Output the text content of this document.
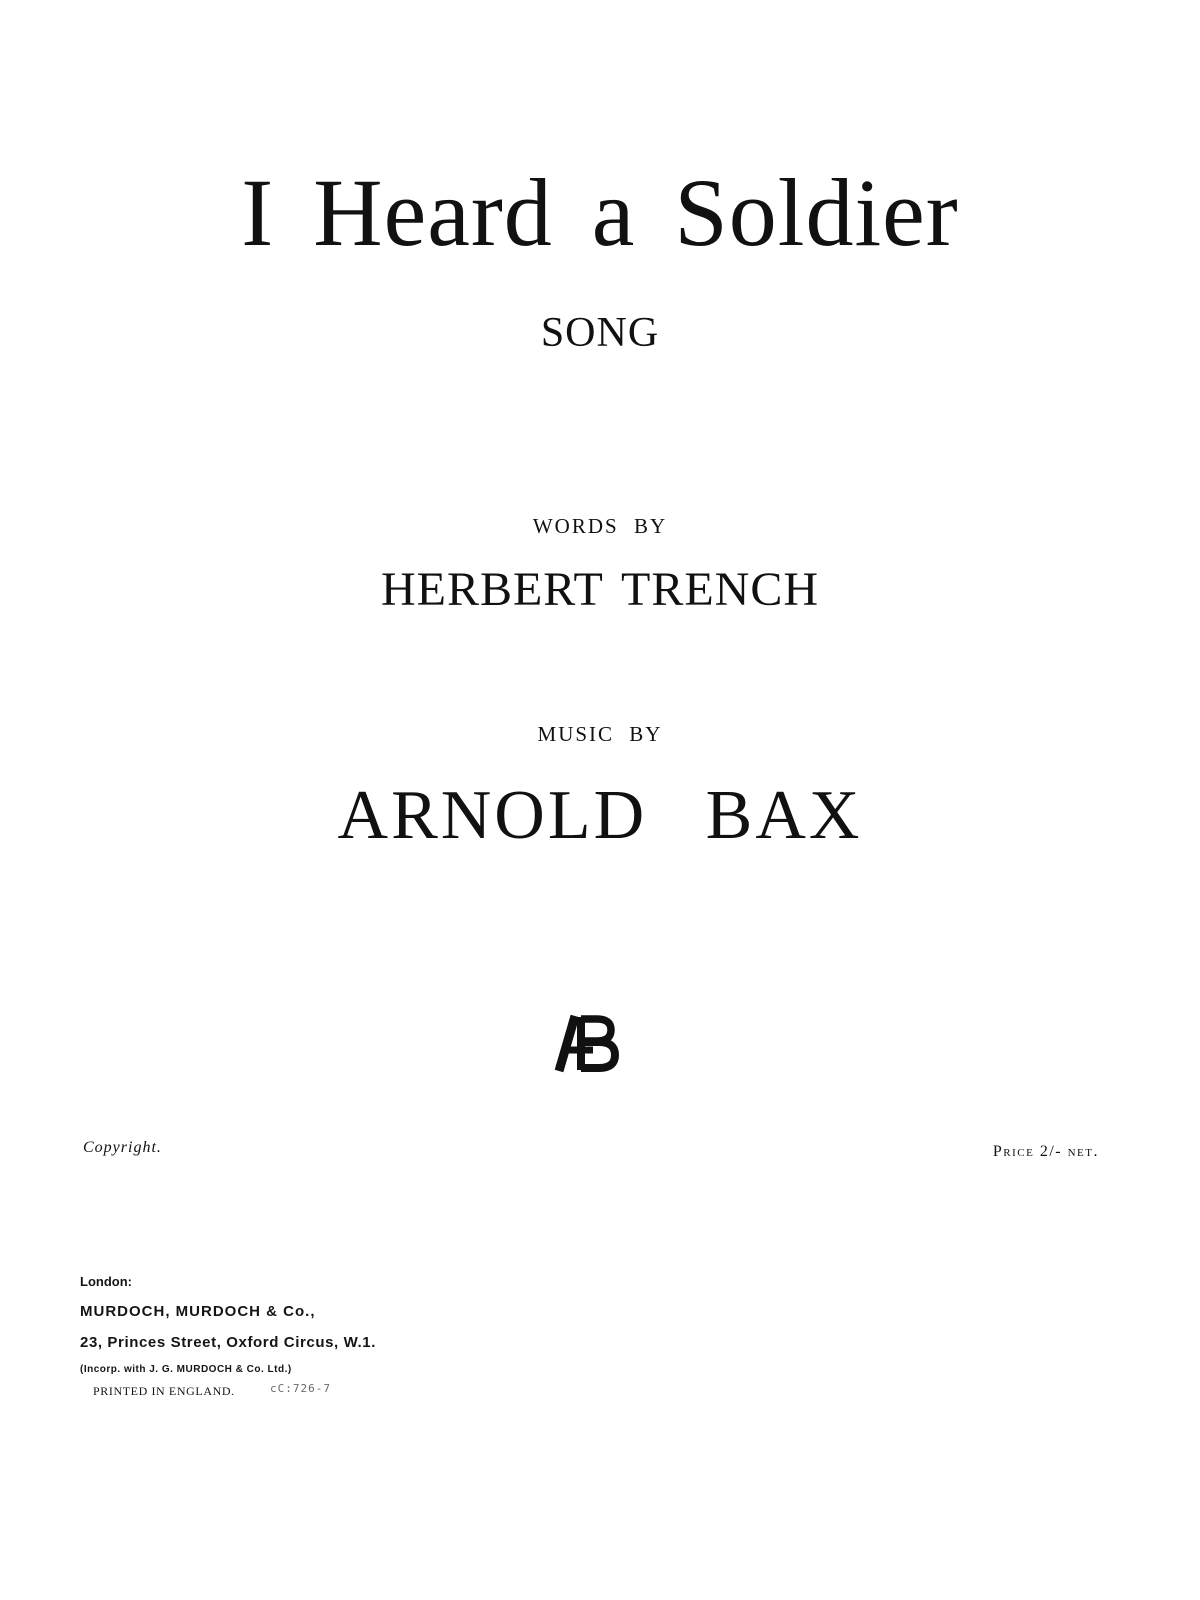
I Heard a Soldier
SONG
WORDS BY
HERBERT TRENCH
MUSIC BY
ARNOLD BAX
Copyright.	Price 2/- net.
London:
MURDOCH, MURDOCH & Co.,
23, Princes Street, Oxford Circus, W.1.
(Incorp. with J. G. MURDOCH & Co. Ltd.)
PRINTED IN ENGLAND.	cC:726-7
